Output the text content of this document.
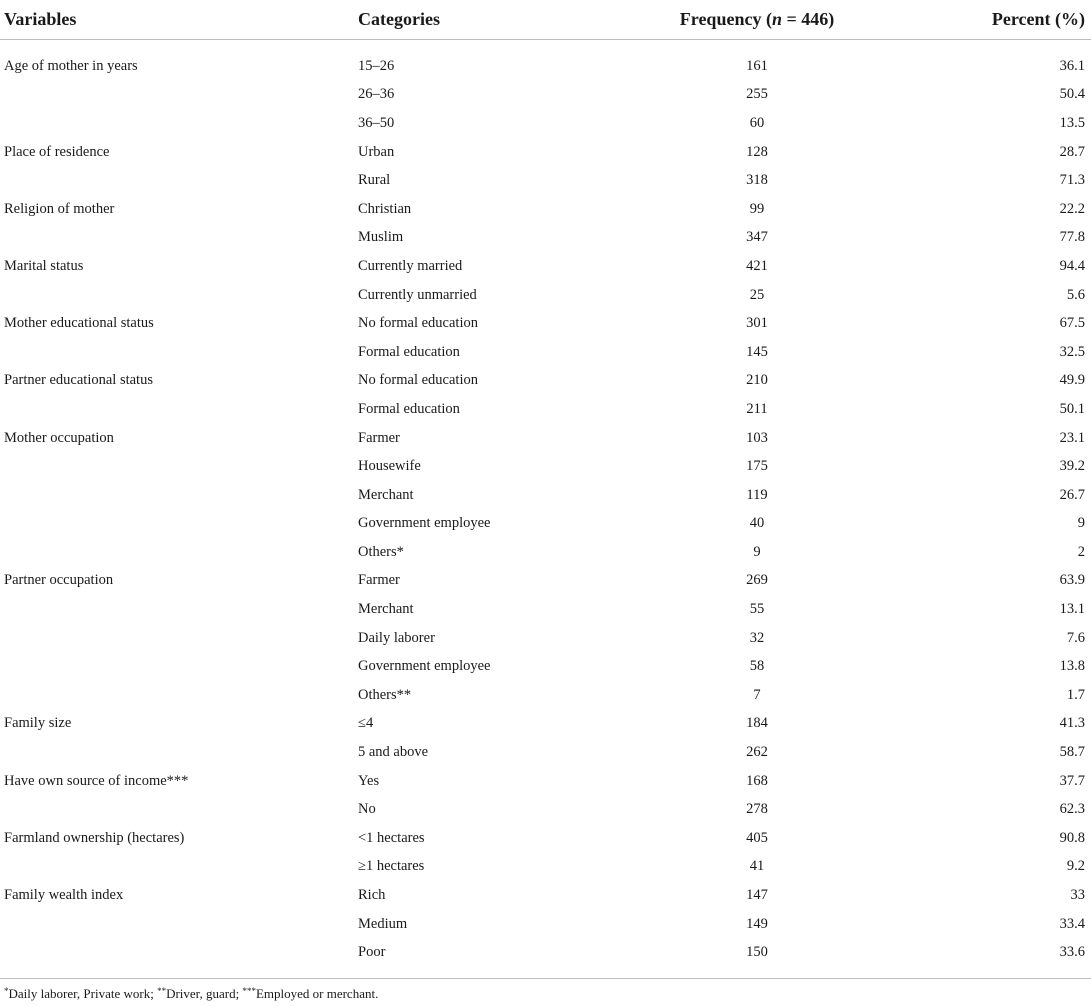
Variables	Categories	Frequency (n = 446)	Percent (%)

Age of mother in years	15–26	161	36.1
	26–36	255	50.4
	36–50	60	13.5
Place of residence	Urban	128	28.7
	Rural	318	71.3
Religion of mother	Christian	99	22.2
	Muslim	347	77.8
Marital status	Currently married	421	94.4
	Currently unmarried	25	5.6
Mother educational status	No formal education	301	67.5
	Formal education	145	32.5
Partner educational status	No formal education	210	49.9
	Formal education	211	50.1
Mother occupation	Farmer	103	23.1
	Housewife	175	39.2
	Merchant	119	26.7
	Government employee	40	9
	Others*	9	2
Partner occupation	Farmer	269	63.9
	Merchant	55	13.1
	Daily laborer	32	7.6
	Government employee	58	13.8
	Others**	7	1.7
Family size	≤4	184	41.3
	5 and above	262	58.7
Have own source of income***	Yes	168	37.7
	No	278	62.3
Farmland ownership (hectares)	<1 hectares	405	90.8
	≥1 hectares	41	9.2
Family wealth index	Rich	147	33
	Medium	149	33.4
	Poor	150	33.6
*Daily laborer, Private work; **Driver, guard; ***Employed or merchant.
